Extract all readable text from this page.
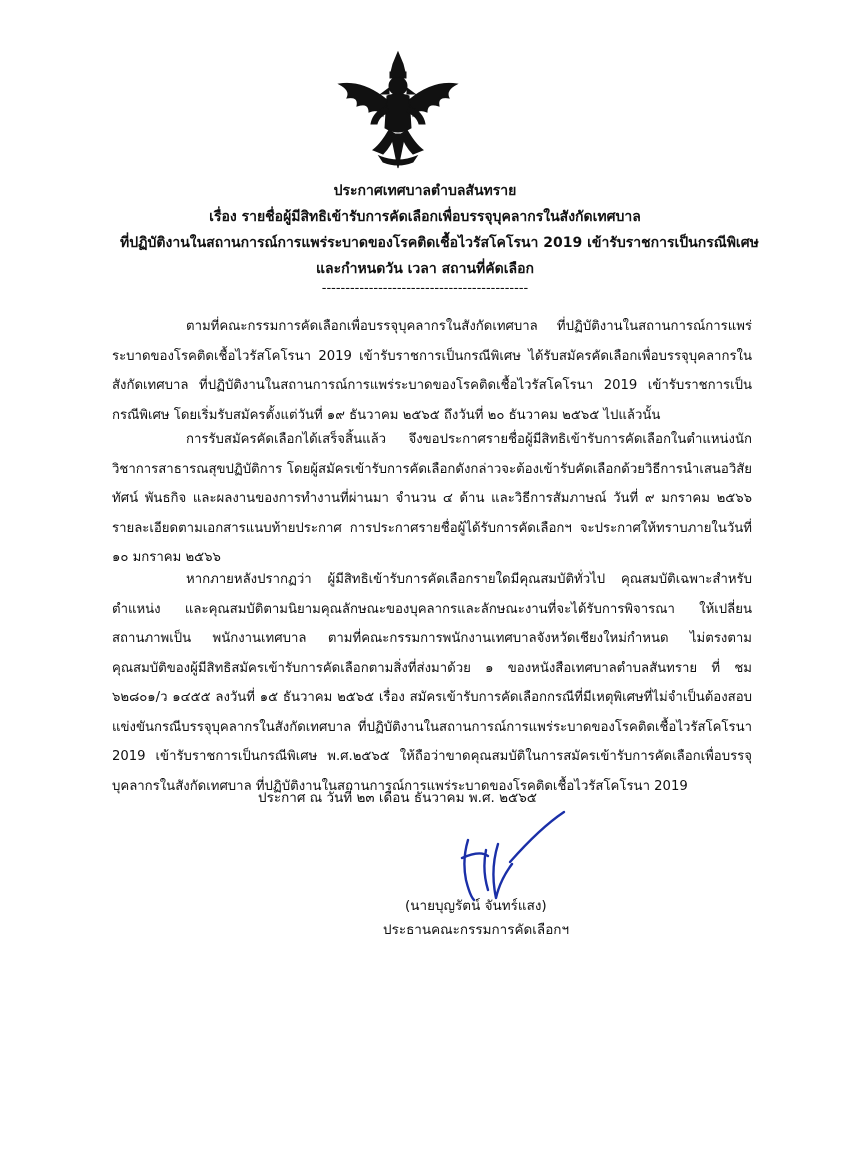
ประกาศเทศบาลตำบลสันทราย
เรื่อง รายชื่อผู้มีสิทธิเข้ารับการคัดเลือกเพื่อบรรจุบุคลากรในสังกัดเทศบาล
ที่ปฏิบัติงานในสถานการณ์การแพร่ระบาดของโรคติดเชื้อไวรัสโคโรนา 2019 เข้ารับราชการเป็นกรณีพิเศษ
และกำหนดวัน เวลา สถานที่คัดเลือก
--------------------------------------------
ตามที่คณะกรรมการคัดเลือกเพื่อบรรจุบุคลากรในสังกัดเทศบาล ที่ปฏิบัติงานในสถานการณ์การแพร่ระบาดของโรคติดเชื้อไวรัสโคโรนา 2019 เข้ารับราชการเป็นกรณีพิเศษ ได้รับสมัครคัดเลือกเพื่อบรรจุบุคลากรในสังกัดเทศบาล ที่ปฏิบัติงานในสถานการณ์การแพร่ระบาดของโรคติดเชื้อไวรัสโคโรนา 2019 เข้ารับราชการเป็นกรณีพิเศษ โดยเริ่มรับสมัครตั้งแต่วันที่ ๑๙ ธันวาคม ๒๕๖๕ ถึงวันที่ ๒๐ ธันวาคม ๒๕๖๕ ไปแล้วนั้น
การรับสมัครคัดเลือกได้เสร็จสิ้นแล้ว จึงขอประกาศรายชื่อผู้มีสิทธิเข้ารับการคัดเลือกในตำแหน่งนักวิชาการสาธารณสุขปฏิบัติการ โดยผู้สมัครเข้ารับการคัดเลือกดังกล่าวจะต้องเข้ารับคัดเลือกด้วยวิธีการนำเสนอวิสัยทัศน์ พันธกิจ และผลงานของการทำงานที่ผ่านมา จำนวน ๔ ด้าน และวิธีการสัมภาษณ์ วันที่ ๙ มกราคม ๒๕๖๖ รายละเอียดตามเอกสารแนบท้ายประกาศ การประกาศรายชื่อผู้ได้รับการคัดเลือกฯ จะประกาศให้ทราบภายในวันที่ ๑๐ มกราคม ๒๕๖๖
หากภายหลังปรากฏว่า ผู้มีสิทธิเข้ารับการคัดเลือกรายใดมีคุณสมบัติทั่วไป คุณสมบัติเฉพาะสำหรับตำแหน่ง และคุณสมบัติตามนิยามคุณลักษณะของบุคลากรและลักษณะงานที่จะได้รับการพิจารณา ให้เปลี่ยนสถานภาพเป็น พนักงานเทศบาล ตามที่คณะกรรมการพนักงานเทศบาลจังหวัดเชียงใหม่กำหนด ไม่ตรงตามคุณสมบัติของผู้มีสิทธิสมัครเข้ารับการคัดเลือกตามสิ่งที่ส่งมาด้วย ๑ ของหนังสือเทศบาลตำบลสันทราย ที่ ชม ๖๒๘๐๑/ว ๑๔๕๕ ลงวันที่ ๑๕ ธันวาคม ๒๕๖๕ เรื่อง สมัครเข้ารับการคัดเลือกกรณีที่มีเหตุพิเศษที่ไม่จำเป็นต้องสอบแข่งขันกรณีบรรจุบุคลากรในสังกัดเทศบาล ที่ปฏิบัติงานในสถานการณ์การแพร่ระบาดของโรคติดเชื้อไวรัสโคโรนา 2019 เข้ารับราชการเป็นกรณีพิเศษ พ.ศ.๒๕๖๕ ให้ถือว่าขาดคุณสมบัติในการสมัครเข้ารับการคัดเลือกเพื่อบรรจุบุคลากรในสังกัดเทศบาล ที่ปฏิบัติงานในสถานการณ์การแพร่ระบาดของโรคติดเชื้อไวรัสโคโรนา 2019
ประกาศ ณ วันที่ ๒๓ เดือน ธันวาคม พ.ศ. ๒๕๖๕
(นายบุญรัตน์ จันทร์แสง)
ประธานคณะกรรมการคัดเลือกฯ
